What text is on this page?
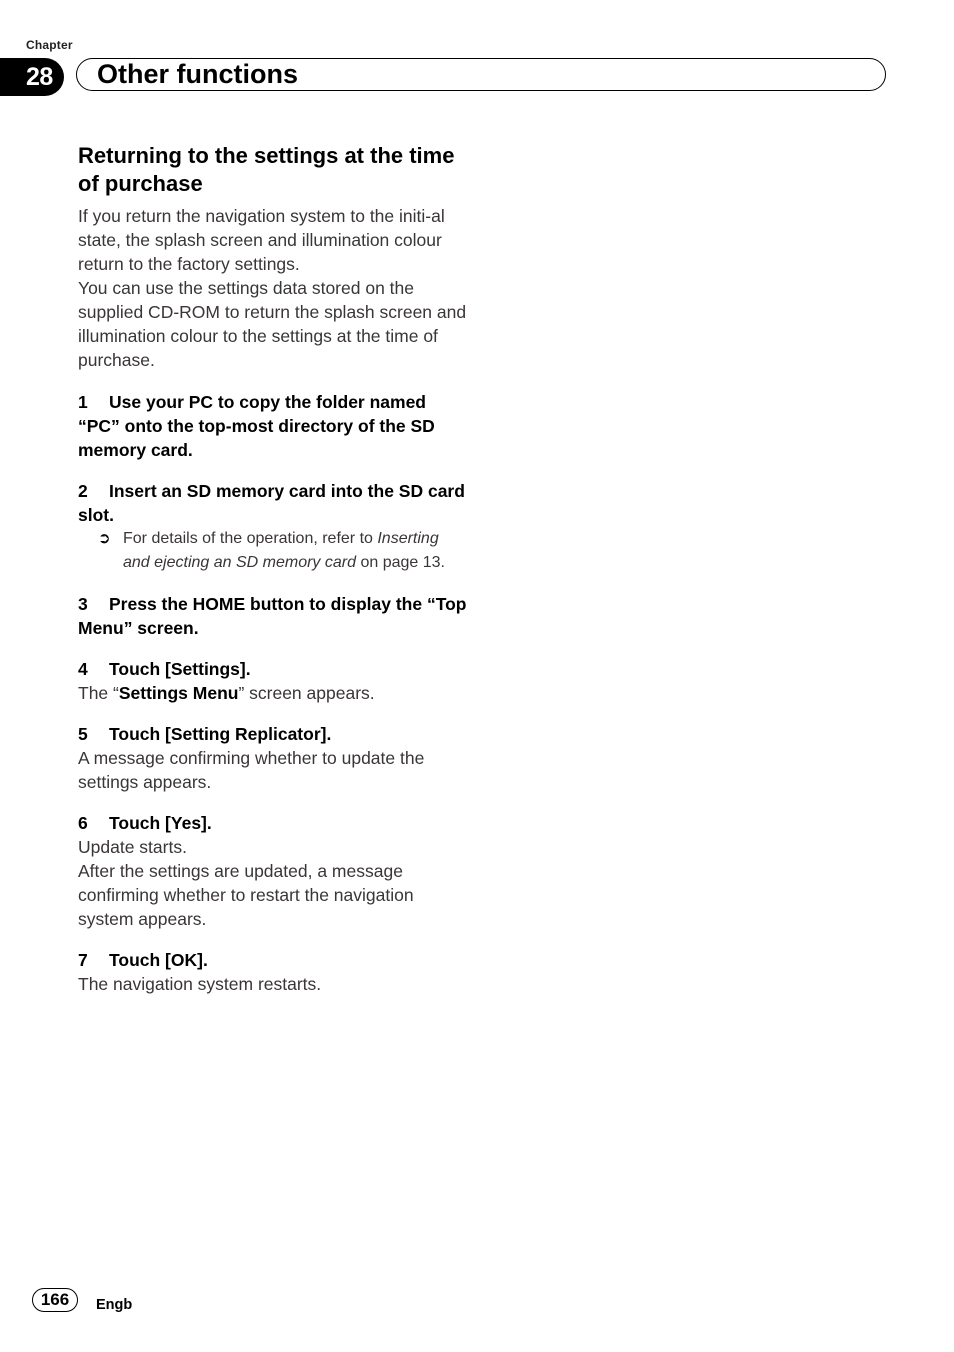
Chapter
28	Other functions
Returning to the settings at the time of purchase

If you return the navigation system to the initi-al state, the splash screen and illumination colour return to the factory settings.

You can use the settings data stored on the supplied CD-ROM to return the splash screen and illumination colour to the settings at the time of purchase.

1 Use your PC to copy the folder named “PC” onto the top-most directory of the SD memory card.

2 Insert an SD memory card into the SD card slot.

➲ For details of the operation, refer to Inserting and ejecting an SD memory card on page 13.

3 Press the HOME button to display the “Top Menu” screen.

4 Touch [Settings].

The “Settings Menu” screen appears.

5 Touch [Setting Replicator].

A message confirming whether to update the settings appears.

6 Touch [Yes].

Update starts.

After the settings are updated, a message confirming whether to restart the navigation system appears.

7 Touch [OK].

The navigation system restarts.

166	Engb
